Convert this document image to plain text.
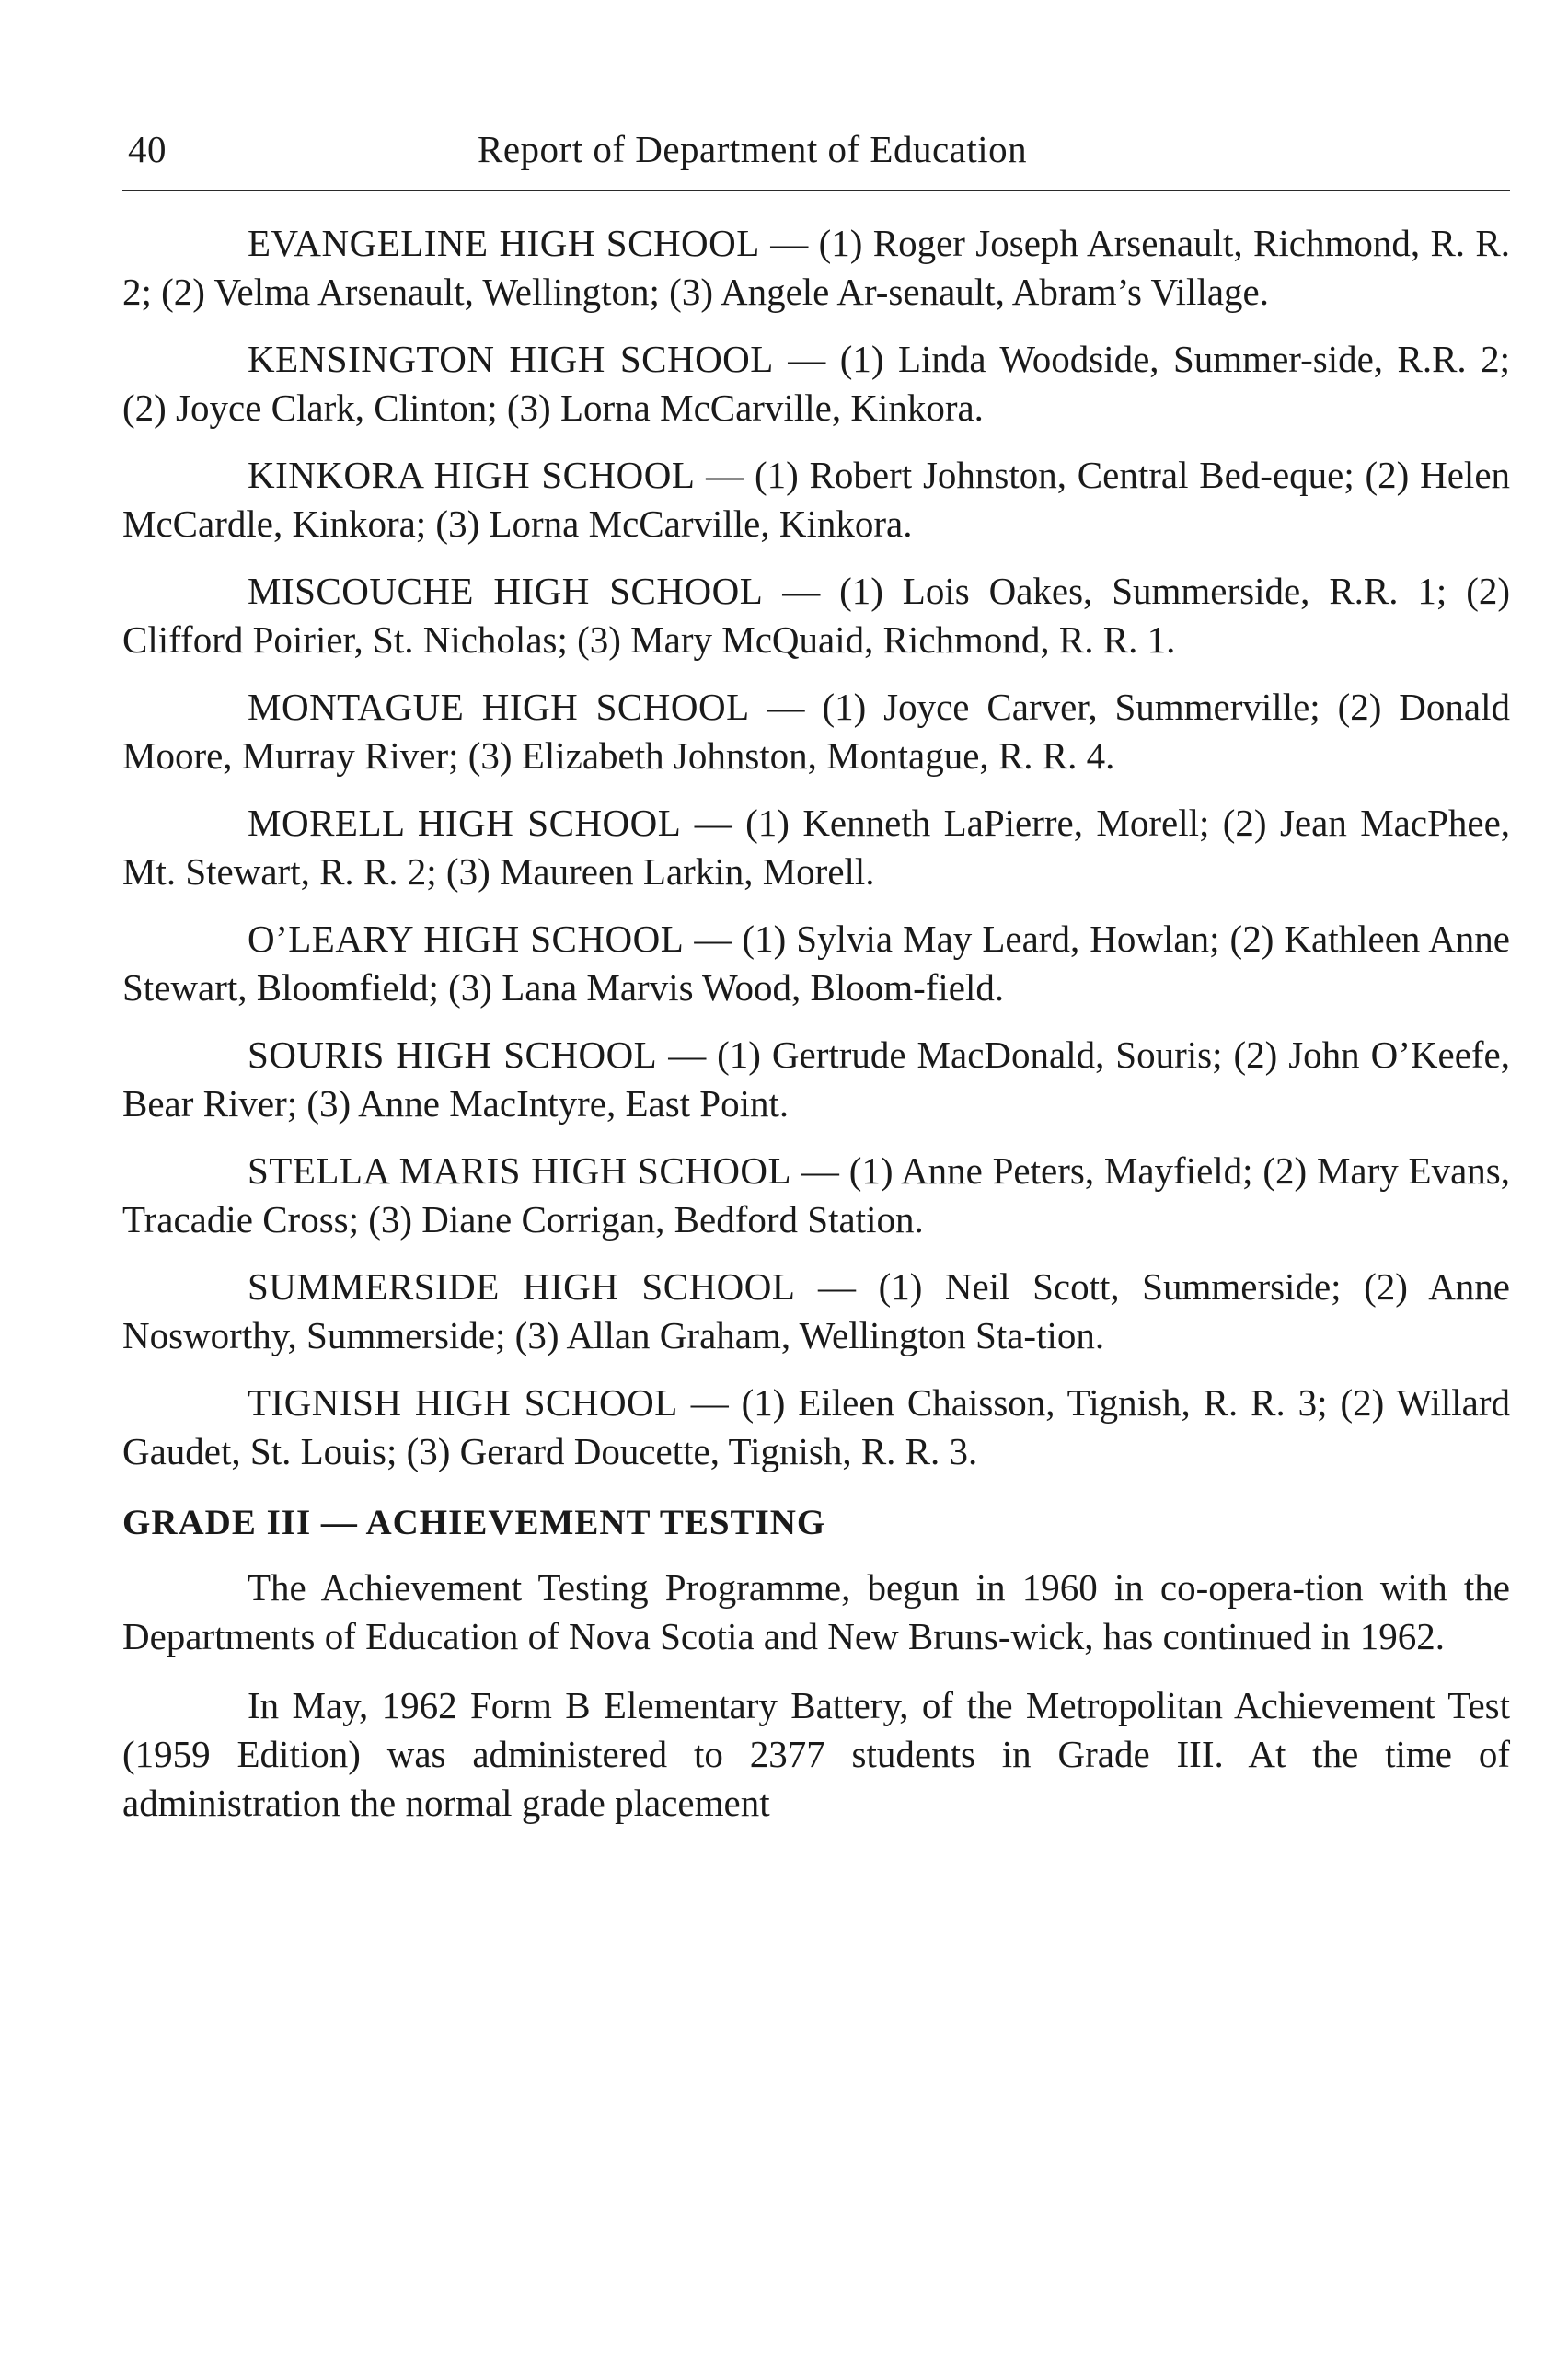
40	Report of Department of Education

EVANGELINE HIGH SCHOOL — (1) Roger Joseph Arsenault, Richmond, R. R. 2; (2) Velma Arsenault, Wellington; (3) Angele Ar-senault, Abram’s Village.

KENSINGTON HIGH SCHOOL — (1) Linda Woodside, Summer-side, R.R. 2; (2) Joyce Clark, Clinton; (3) Lorna McCarville, Kinkora.

KINKORA HIGH SCHOOL — (1) Robert Johnston, Central Bed-eque; (2) Helen McCardle, Kinkora; (3) Lorna McCarville, Kinkora.

MISCOUCHE HIGH SCHOOL — (1) Lois Oakes, Summerside, R.R. 1; (2) Clifford Poirier, St. Nicholas; (3) Mary McQuaid, Richmond, R. R. 1.

MONTAGUE HIGH SCHOOL — (1) Joyce Carver, Summerville; (2) Donald Moore, Murray River; (3) Elizabeth Johnston, Montague, R. R. 4.

MORELL HIGH SCHOOL — (1) Kenneth LaPierre, Morell; (2) Jean MacPhee, Mt. Stewart, R. R. 2; (3) Maureen Larkin, Morell.

O’LEARY HIGH SCHOOL — (1) Sylvia May Leard, Howlan; (2) Kathleen Anne Stewart, Bloomfield; (3) Lana Marvis Wood, Bloom-field.

SOURIS HIGH SCHOOL — (1) Gertrude MacDonald, Souris; (2) John O’Keefe, Bear River; (3) Anne MacIntyre, East Point.

STELLA MARIS HIGH SCHOOL — (1) Anne Peters, Mayfield; (2) Mary Evans, Tracadie Cross; (3) Diane Corrigan, Bedford Station.

SUMMERSIDE HIGH SCHOOL — (1) Neil Scott, Summerside; (2) Anne Nosworthy, Summerside; (3) Allan Graham, Wellington Sta-tion.

TIGNISH HIGH SCHOOL — (1) Eileen Chaisson, Tignish, R. R. 3; (2) Willard Gaudet, St. Louis; (3) Gerard Doucette, Tignish, R. R. 3.

GRADE III — ACHIEVEMENT TESTING

The Achievement Testing Programme, begun in 1960 in co-opera-tion with the Departments of Education of Nova Scotia and New Bruns-wick, has continued in 1962.

In May, 1962 Form B Elementary Battery, of the Metropolitan Achievement Test (1959 Edition) was administered to 2377 students in Grade III. At the time of administration the normal grade placement
